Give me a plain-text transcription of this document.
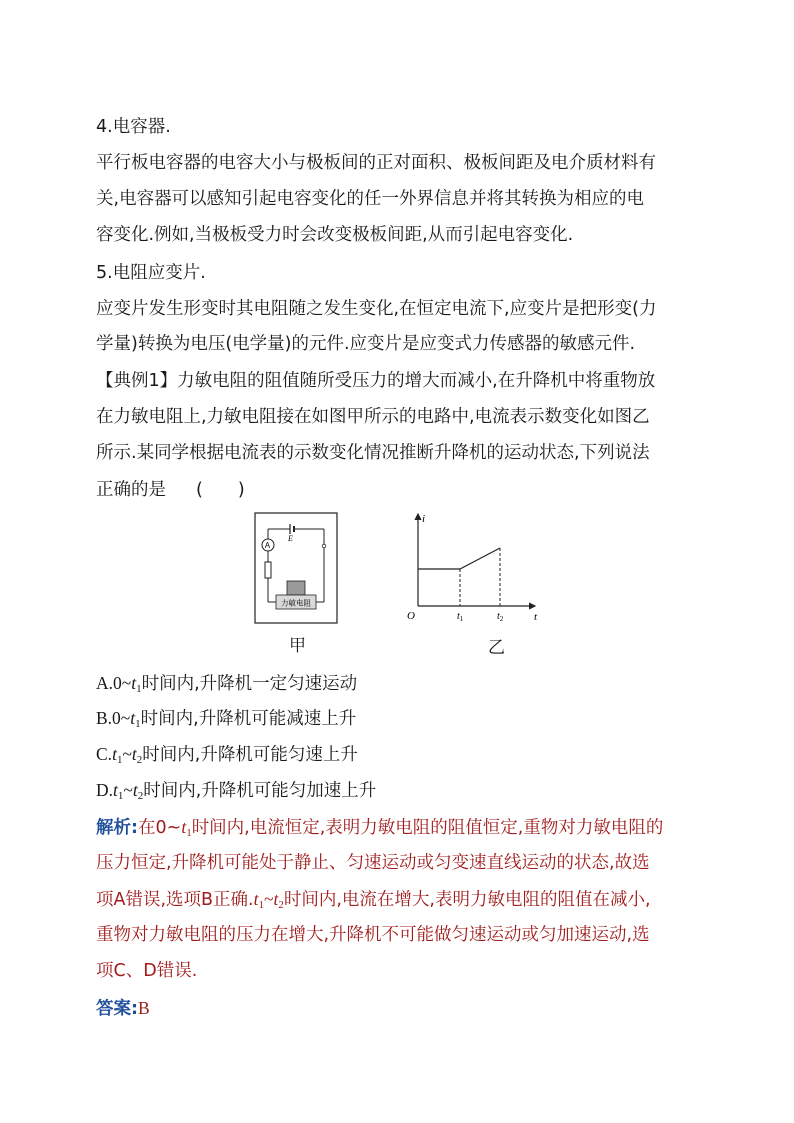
4.电容器.
平行板电容器的电容大小与极板间的正对面积、极板间距及电介质材料有
关,电容器可以感知引起电容变化的任一外界信息并将其转换为相应的电
容变化.例如,当极板受力时会改变极板间距,从而引起电容变化.
5.电阻应变片.
应变片发生形变时其电阻随之发生变化,在恒定电流下,应变片是把形变(力
学量)转换为电压(电学量)的元件.应变片是应变式力传感器的敏感元件.
【典例1】力敏电阻的阻值随所受压力的增大而减小,在升降机中将重物放
在力敏电阻上,力敏电阻接在如图甲所示的电路中,电流表示数变化如图乙
所示.某同学根据电流表的示数变化情况推断升降机的运动状态,下列说法
正确的是 (　　)
E
A
力敏电阻
甲
i
t
O	$t_1$	$t_2$
乙
$A.0\sim t_1$时间内,升降机一定匀速运动
$B.0\sim t_1$时间内,升降机可能减速上升
$C.t_1\sim t_2$时间内,升降机可能匀速上升
$D.t_1\sim t_2$时间内,升降机可能匀加速上升
解析:在$0\sim t_1$时间内,电流恒定,表明力敏电阻的阻值恒定,重物对力敏电阻的
压力恒定,升降机可能处于静止、匀速运动或匀变速直线运动的状态,故选
项A错误,选项B正确$.t_1\sim t_2$时间内,电流在增大,表明力敏电阻的阻值在减小,
重物对力敏电阻的压力在增大,升降机不可能做匀速运动或匀加速运动,选
项C、D错误.
答案:B
